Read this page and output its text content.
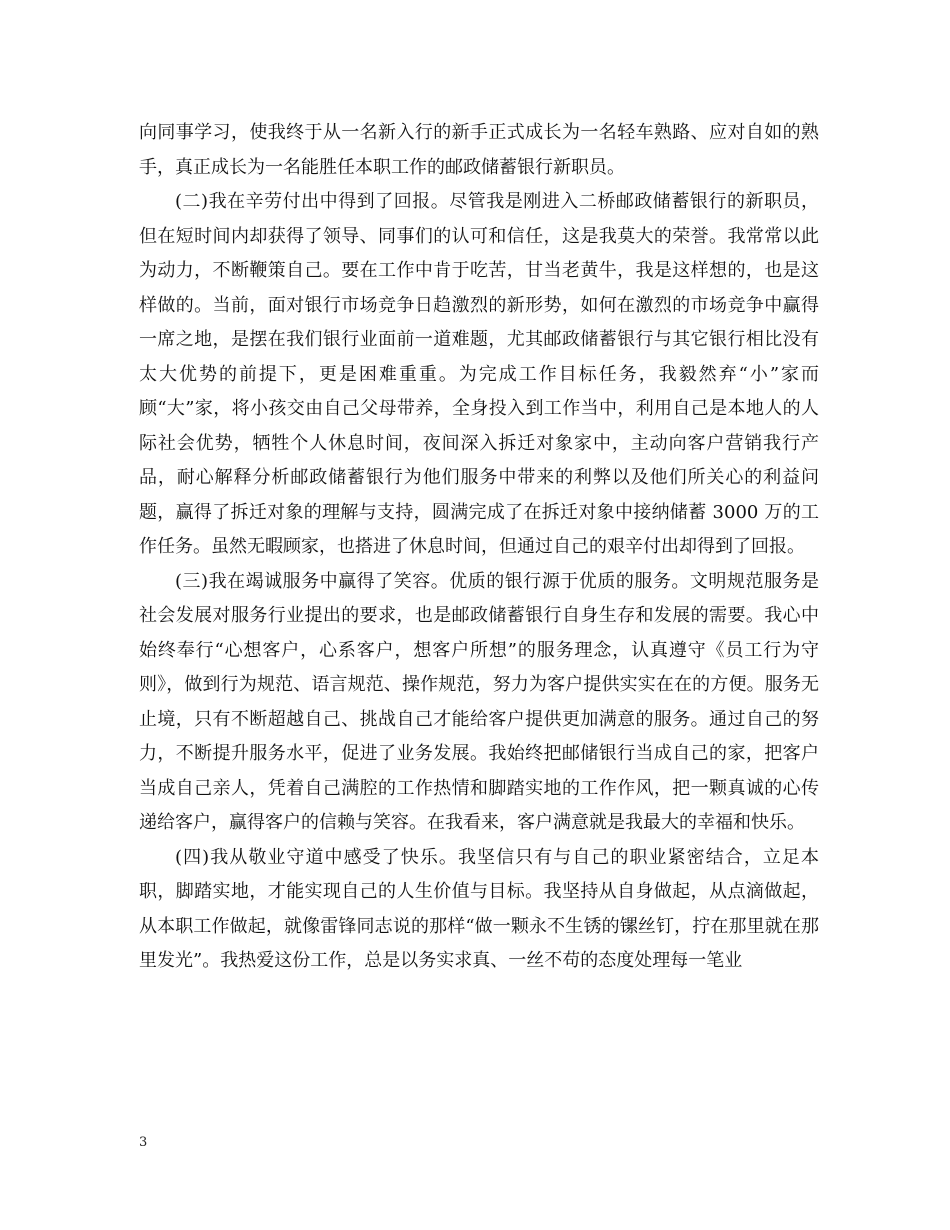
向同事学习，使我终于从一名新入行的新手正式成长为一名轻车熟路、应对自如的熟手，真正成长为一名能胜任本职工作的邮政储蓄银行新职员。

(二)我在辛劳付出中得到了回报。尽管我是刚进入二桥邮政储蓄银行的新职员，但在短时间内却获得了领导、同事们的认可和信任，这是我莫大的荣誉。我常常以此为动力，不断鞭策自己。要在工作中肯于吃苦，甘当老黄牛，我是这样想的，也是这样做的。当前，面对银行市场竞争日趋激烈的新形势，如何在激烈的市场竞争中赢得一席之地，是摆在我们银行业面前一道难题，尤其邮政储蓄银行与其它银行相比没有太大优势的前提下，更是困难重重。为完成工作目标任务，我毅然弃“小”家而顾“大”家，将小孩交由自己父母带养，全身投入到工作当中，利用自己是本地人的人际社会优势，牺牲个人休息时间，夜间深入拆迁对象家中，主动向客户营销我行产品，耐心解释分析邮政储蓄银行为他们服务中带来的利弊以及他们所关心的利益问题，赢得了拆迁对象的理解与支持，圆满完成了在拆迁对象中接纳储蓄 3000 万的工作任务。虽然无暇顾家，也搭进了休息时间，但通过自己的艰辛付出却得到了回报。

(三)我在竭诚服务中赢得了笑容。优质的银行源于优质的服务。文明规范服务是社会发展对服务行业提出的要求，也是邮政储蓄银行自身生存和发展的需要。我心中始终奉行“心想客户，心系客户，想客户所想”的服务理念，认真遵守《员工行为守则》，做到行为规范、语言规范、操作规范，努力为客户提供实实在在的方便。服务无止境，只有不断超越自己、挑战自己才能给客户提供更加满意的服务。通过自己的努力，不断提升服务水平，促进了业务发展。我始终把邮储银行当成自己的家，把客户当成自己亲人，凭着自己满腔的工作热情和脚踏实地的工作作风，把一颗真诚的心传递给客户，赢得客户的信赖与笑容。在我看来，客户满意就是我最大的幸福和快乐。

(四)我从敬业守道中感受了快乐。我坚信只有与自己的职业紧密结合，立足本职，脚踏实地，才能实现自己的人生价值与目标。我坚持从自身做起，从点滴做起，从本职工作做起，就像雷锋同志说的那样“做一颗永不生锈的镙丝钉，拧在那里就在那里发光”。我热爱这份工作，总是以务实求真、一丝不苟的态度处理每一笔业

3
